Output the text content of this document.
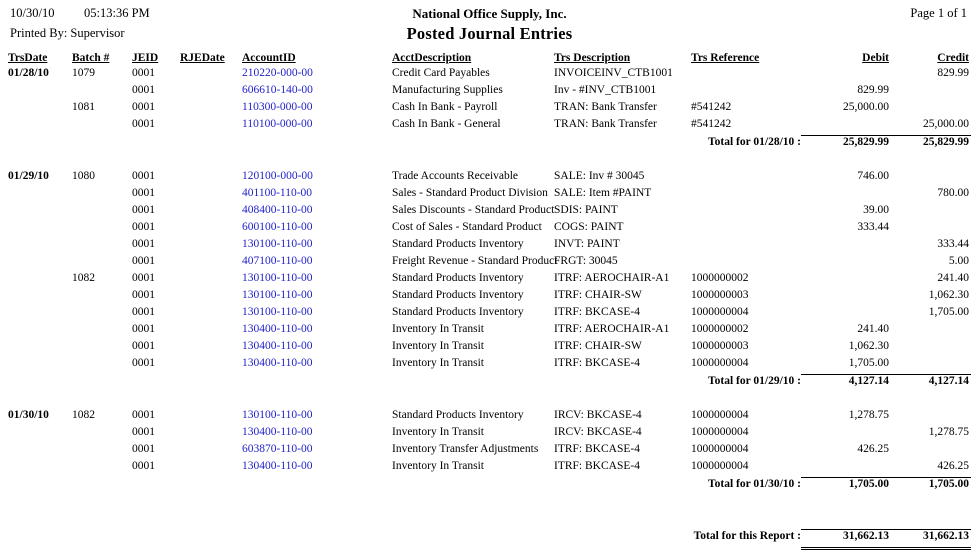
10/30/10 05:13:36 PM	National Office Supply, Inc.	Page 1 of 1
Printed By: Supervisor	Posted Journal Entries
TrsDate	Batch #	JEID	RJEDate	AccountID	AcctDescription	Trs Description	Trs Reference	Debit	Credit
01/28/10	1079	0001		210220-000-00	Credit Card Payables	INVOICEINV_CTB1001			829.99
		0001		606610-140-00	Manufacturing Supplies	Inv - #INV_CTB1001		829.99	
	1081	0001		110300-000-00	Cash In Bank - Payroll	TRAN: Bank Transfer	#541242	25,000.00	
		0001		110100-000-00	Cash In Bank - General	TRAN: Bank Transfer	#541242		25,000.00
							Total for 01/28/10 :	25,829.99	25,829.99

01/29/10	1080	0001		120100-000-00	Trade Accounts Receivable	SALE: Inv # 30045		746.00	
		0001		401100-110-00	Sales - Standard Product Division	SALE: Item #PAINT			780.00
		0001		408400-110-00	Sales Discounts - Standard Product	SDIS: PAINT		39.00	
		0001		600100-110-00	Cost of Sales - Standard Product	COGS: PAINT		333.44	
		0001		130100-110-00	Standard Products Inventory	INVT: PAINT			333.44
		0001		407100-110-00	Freight Revenue - Standard Product	FRGT: 30045			5.00
	1082	0001		130100-110-00	Standard Products Inventory	ITRF: AEROCHAIR-A1	1000000002		241.40
		0001		130100-110-00	Standard Products Inventory	ITRF: CHAIR-SW	1000000003		1,062.30
		0001		130100-110-00	Standard Products Inventory	ITRF: BKCASE-4	1000000004		1,705.00
		0001		130400-110-00	Inventory In Transit	ITRF: AEROCHAIR-A1	1000000002	241.40	
		0001		130400-110-00	Inventory In Transit	ITRF: CHAIR-SW	1000000003	1,062.30	
		0001		130400-110-00	Inventory In Transit	ITRF: BKCASE-4	1000000004	1,705.00	
							Total for 01/29/10 :	4,127.14	4,127.14

01/30/10	1082	0001		130100-110-00	Standard Products Inventory	IRCV: BKCASE-4	1000000004	1,278.75	
		0001		130400-110-00	Inventory In Transit	IRCV: BKCASE-4	1000000004		1,278.75
		0001		603870-110-00	Inventory Transfer Adjustments	ITRF: BKCASE-4	1000000004	426.25	
		0001		130400-110-00	Inventory In Transit	ITRF: BKCASE-4	1000000004		426.25
							Total for 01/30/10 :	1,705.00	1,705.00

							Total for this Report :	31,662.13	31,662.13
